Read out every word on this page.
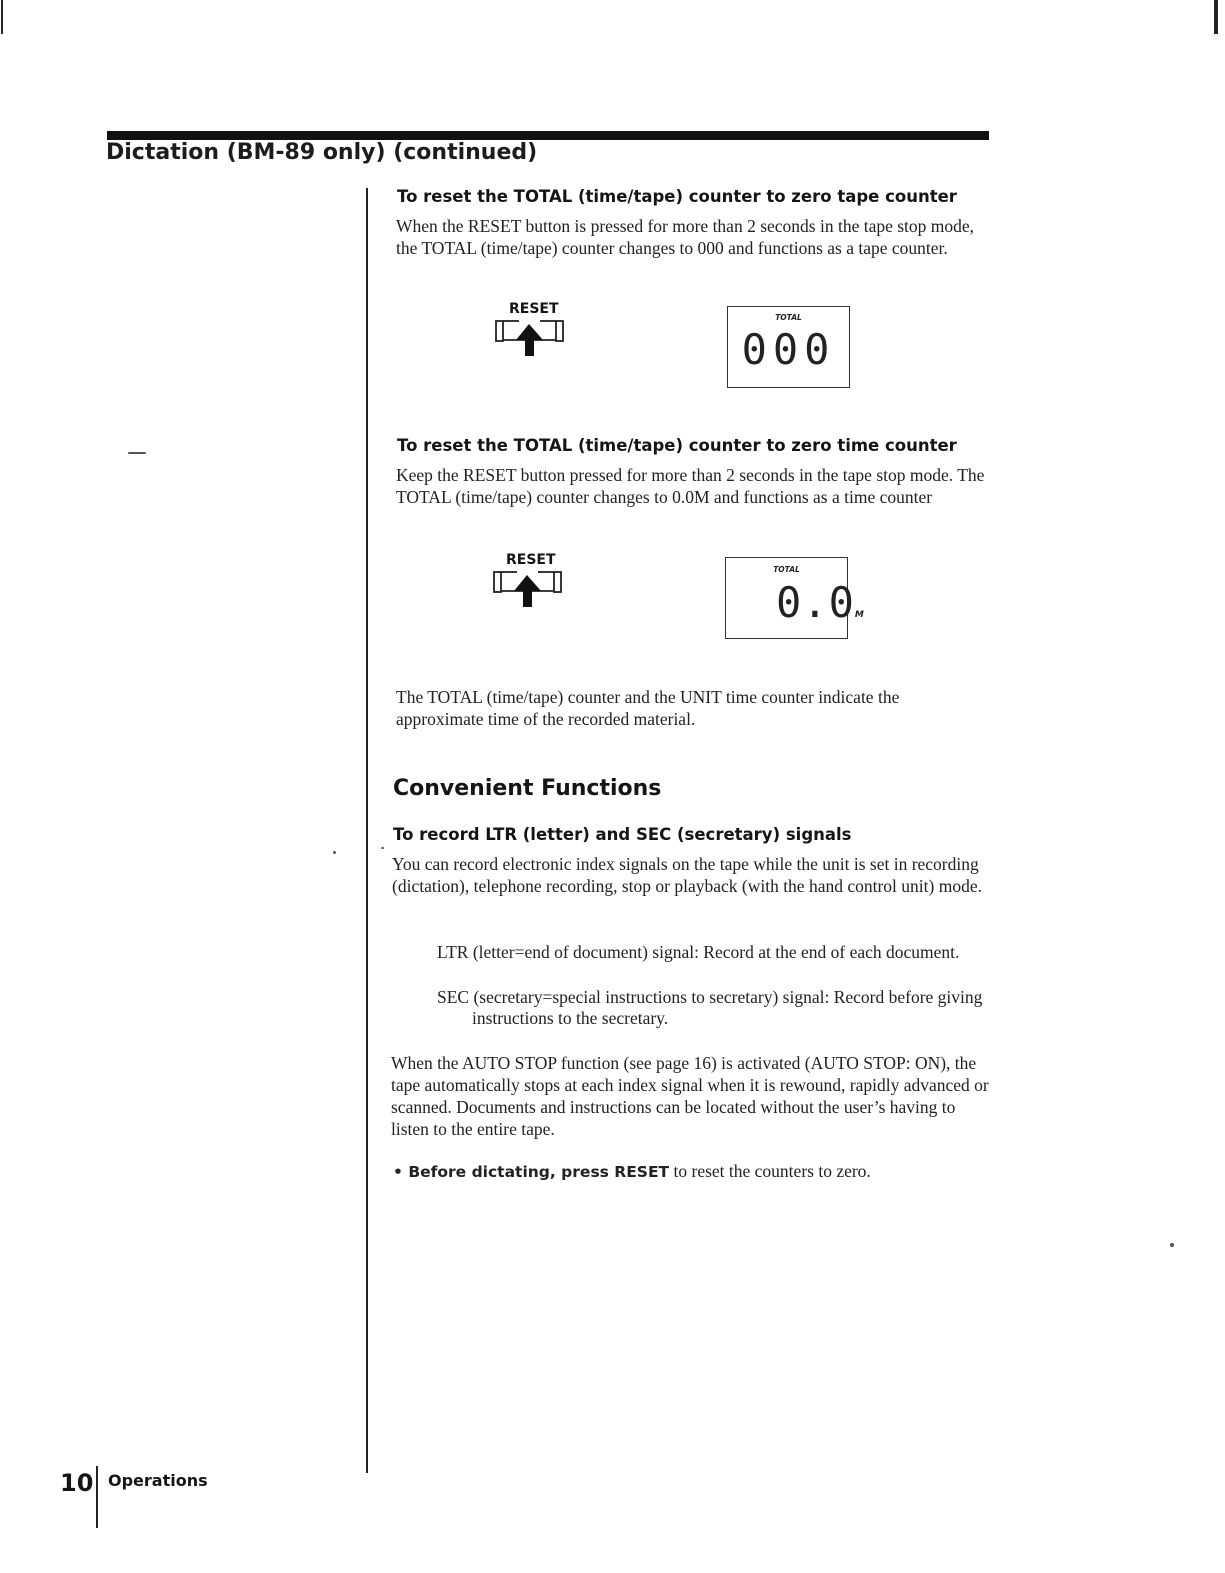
Dictation (BM-89 only) (continued)
To reset the TOTAL (time/tape) counter to zero tape counter
When the RESET button is pressed for more than 2 seconds in the tape stop mode, the TOTAL (time/tape) counter changes to 000 and functions as a tape counter.
RESET
TOTAL
000
To reset the TOTAL (time/tape) counter to zero time counter
Keep the RESET button pressed for more than 2 seconds in the tape stop mode. The TOTAL (time/tape) counter changes to 0.0M and functions as a time counter
RESET
TOTAL
0.0M
The TOTAL (time/tape) counter and the UNIT time counter indicate the approximate time of the recorded material.
Convenient Functions
To record LTR (letter) and SEC (secretary) signals
You can record electronic index signals on the tape while the unit is set in recording (dictation), telephone recording, stop or playback (with the hand control unit) mode.
LTR (letter=end of document) signal: Record at the end of each document.
SEC (secretary=special instructions to secretary) signal: Record before giving instructions to the secretary.
When the AUTO STOP function (see page 16) is activated (AUTO STOP: ON), the tape automatically stops at each index signal when it is rewound, rapidly advanced or scanned. Documents and instructions can be located without the user’s having to listen to the entire tape.
• Before dictating, press RESET to reset the counters to zero.
10 Operations
